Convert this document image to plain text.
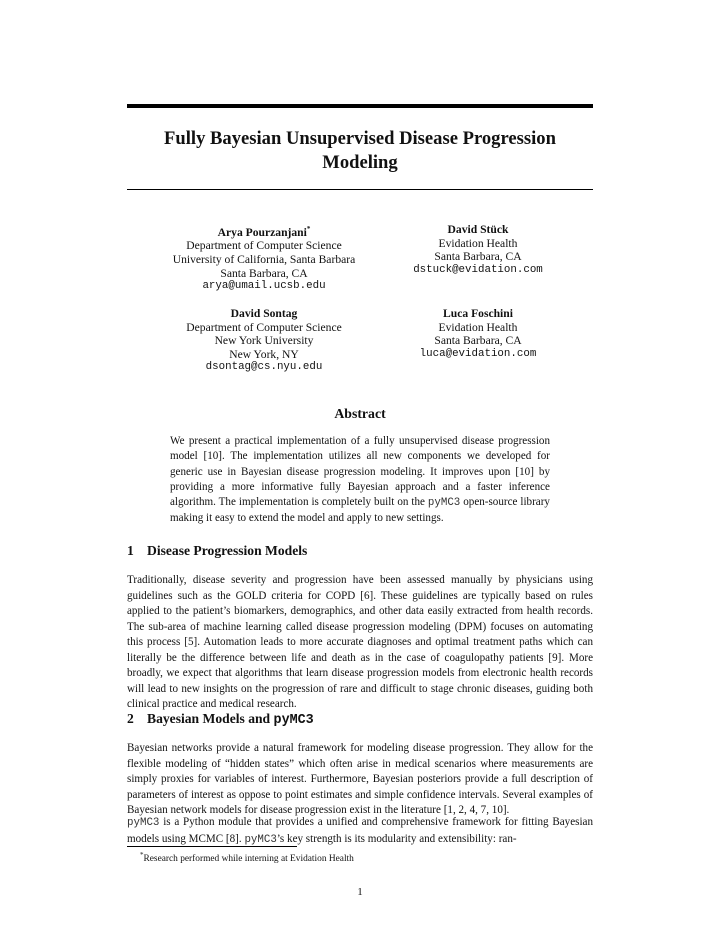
Fully Bayesian Unsupervised Disease Progression
Modeling
Arya Pourzanjani*
Department of Computer Science
University of California, Santa Barbara
Santa Barbara, CA
arya@umail.ucsb.edu
David Stück
Evidation Health
Santa Barbara, CA
dstuck@evidation.com
David Sontag
Department of Computer Science
New York University
New York, NY
dsontag@cs.nyu.edu
Luca Foschini
Evidation Health
Santa Barbara, CA
luca@evidation.com
Abstract
We present a practical implementation of a fully unsupervised disease progression model [10]. The implementation utilizes all new components we developed for generic use in Bayesian disease progression modeling. It improves upon [10] by providing a more informative fully Bayesian approach and a faster inference algorithm. The implementation is completely built on the pyMC3 open-source library making it easy to extend the model and apply to new settings.
1 Disease Progression Models
Traditionally, disease severity and progression have been assessed manually by physicians using guidelines such as the GOLD criteria for COPD [6]. These guidelines are typically based on rules applied to the patient’s biomarkers, demographics, and other data easily extracted from health records. The sub-area of machine learning called disease progression modeling (DPM) focuses on automating this process [5]. Automation leads to more accurate diagnoses and optimal treatment paths which can literally be the difference between life and death as in the case of coagulopathy patients [9]. More broadly, we expect that algorithms that learn disease progression models from electronic health records will lead to new insights on the progression of rare and difficult to stage chronic diseases, guiding both clinical practice and medical research.
2 Bayesian Models and pyMC3
Bayesian networks provide a natural framework for modeling disease progression. They allow for the flexible modeling of “hidden states” which often arise in medical scenarios where measurements are simply proxies for variables of interest. Furthermore, Bayesian posteriors provide a full description of parameters of interest as oppose to point estimates and simple confidence intervals. Several examples of Bayesian network models for disease progression exist in the literature [1, 2, 4, 7, 10].
pyMC3 is a Python module that provides a unified and comprehensive framework for fitting Bayesian models using MCMC [8]. pyMC3’s key strength is its modularity and extensibility: ran-
*Research performed while interning at Evidation Health
1
